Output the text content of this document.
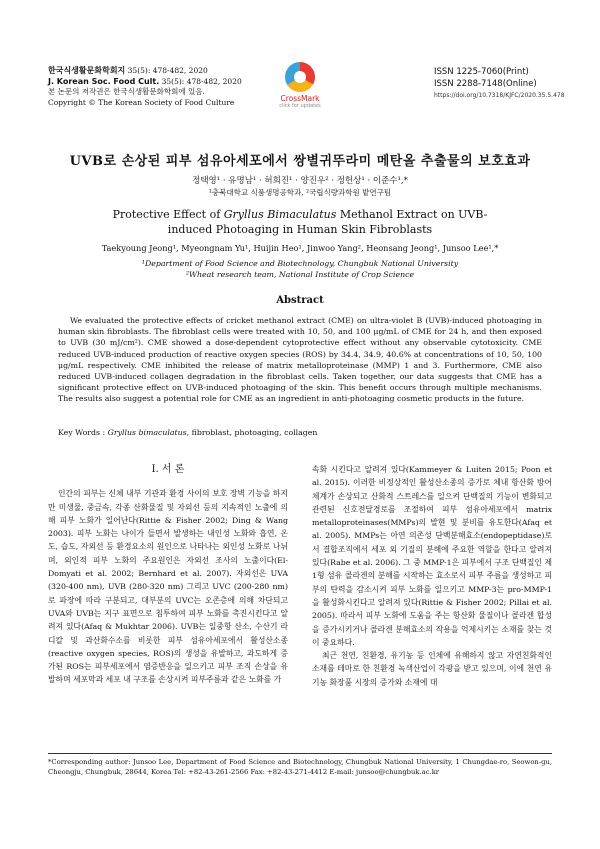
한국식생활문화학회지 35(5): 478-482, 2020
J. Korean Soc. Food Cult. 35(5): 478-482, 2020
본 논문의 저작권은 한국식생활문화학회에 있음.
Copyright © The Korean Society of Food Culture	CrossMark
click for updates
ISSN 1225-7060(Print)
ISSN 2288-7148(Online)
https://doi.org/10.7318/KJFC/2020.35.5.478
UVB로 손상된 피부 섬유아세포에서 쌍별귀뚜라미 메탄올 추출물의 보호효과
정택영¹ · 유명남¹ · 허희진¹ · 양진우² · 정헌상¹ · 이준수¹,*
¹충북대학교 식품생명공학과, ²국립식량과학원 밭연구팀
Protective Effect of Gryllus Bimaculatus Methanol Extract on UVB-induced Photoaging in Human Skin Fibroblasts
Taekyoung Jeong¹, Myeongnam Yu¹, Huijin Heo¹, Jinwoo Yang², Heonsang Jeong¹, Junsoo Lee¹,*
¹Department of Food Science and Biotechnology, Chungbuk National University
²Wheat research team, National Institute of Crop Science
Abstract
We evaluated the protective effects of cricket methanol extract (CME) on ultra-violet B (UVB)-induced photoaging in human skin fibroblasts. The fibroblast cells were treated with 10, 50, and 100 μg/mL of CME for 24 h, and then exposed to UVB (30 mJ/cm²). CME showed a dose-dependent cytoprotective effect without any observable cytotoxicity. CME reduced UVB-induced production of reactive oxygen species (ROS) by 34.4, 34.9, 40.6% at concentrations of 10, 50, 100 μg/mL respectively. CME inhibited the release of matrix metalloproteinase (MMP) 1 and 3. Furthermore, CME also reduced UVB-induced collagen degradation in the fibroblast cells. Taken together, our data suggests that CME has a significant protective effect on UVB-induced photoaging of the skin. This benefit occurs through multiple mechanisms. The results also suggest a potential role for CME as an ingredient in anti-photoaging cosmetic products in the future.
Key Words : Gryllus bimaculatus, fibroblast, photoaging, collagen
I. 서 론

인간의 피부는 신체 내부 기관과 환경 사이의 보호 장벽 기능을 하지만 미생물, 중금속, 각종 산화물질 및 자외선 등의 지속적인 노출에 의해 피부 노화가 일어난다(Rittie & Fisher 2002; Ding & Wang 2003). 피부 노화는 나이가 들면서 발생하는 내인성 노화와 흡연, 온도, 습도, 자외선 등 환경요소의 원인으로 나타나는 외인성 노화로 나뉘며, 외인적 피부 노화의 주요원인은 자외선 조사의 노출이다(El-Domyati et al. 2002; Bernhard et al. 2007). 자외선은 UVA (320-400 nm), UVB (280-320 nm) 그리고 UVC (200-280 nm)로 파장에 따라 구분되고, 대부분의 UVC는 오존층에 의해 차단되고 UVA와 UVB는 지구 표면으로 침투하여 피부 노화를 촉진시킨다고 알려져 있다(Afaq & Mukhtar 2006). UVB는 일중항 산소, 수산기 라디칼 및 과산화수소를 비롯한 피부 섬유아세포에서 활성산소종(reactive oxygen species, ROS)의 생성을 유발하고, 과도하게 증가된 ROS는 피부세포에서 염증반응을 일으키고 피부 조직 손상을 유발하며 세포막과 세포 내 구조를 손상시켜 피부주름과 같은 노화를 가

속화 시킨다고 알려져 있다(Kammeyer & Luiten 2015; Poon et al. 2015). 이러한 비정상적인 활성산소종의 증가로 체내 항산화 방어체계가 손상되고 산화적 스트레스를 일으켜 단백질의 기능이 변화되고 관련된 신호전달경로를 조절하여 피부 섬유아세포에서 matrix metalloproteinases(MMPs)의 발현 및 분비를 유도한다(Afaq et al. 2005). MMPs는 아연 의존성 단백분해효소(endopeptidase)로서 결합조직에서 세포 외 기질의 분해에 주요한 역할을 한다고 알려져 있다(Rabe et al. 2006). 그 중 MMP-1은 피부에서 구조 단백질인 제1형 섬유 콜라겐의 분해를 시작하는 효소로서 피부 주름을 생성하고 피부의 탄력을 감소시켜 피부 노화를 일으키고 MMP-3는 pro-MMP-1을 활성화시킨다고 알려져 있다(Rittie & Fisher 2002; Pillai et al. 2005). 따라서 피부 노화에 도움을 주는 항산화 물질이나 콜라겐 합성을 증가시키거나 콜라겐 분해효소의 작용을 억제시키는 소재를 찾는 것이 중요하다.

최근 천연, 친환경, 유기농 등 인체에 유해하지 않고 자연친화적인 소재를 테마로 한 친환경 녹색산업이 각광을 받고 있으며, 이에 천연 유기농 화장품 시장의 증가와 소재에 대

*Corresponding author: Junsoo Lee, Department of Food Science and Biotechnology, Chungbuk National University, 1 Chungdae-ro, Seowon-gu, Cheongju, Chungbuk, 28644, Korea Tel: +82-43-261-2566 Fax: +82-43-271-4412 E-mail: junsoo@chungbuk.ac.kr
